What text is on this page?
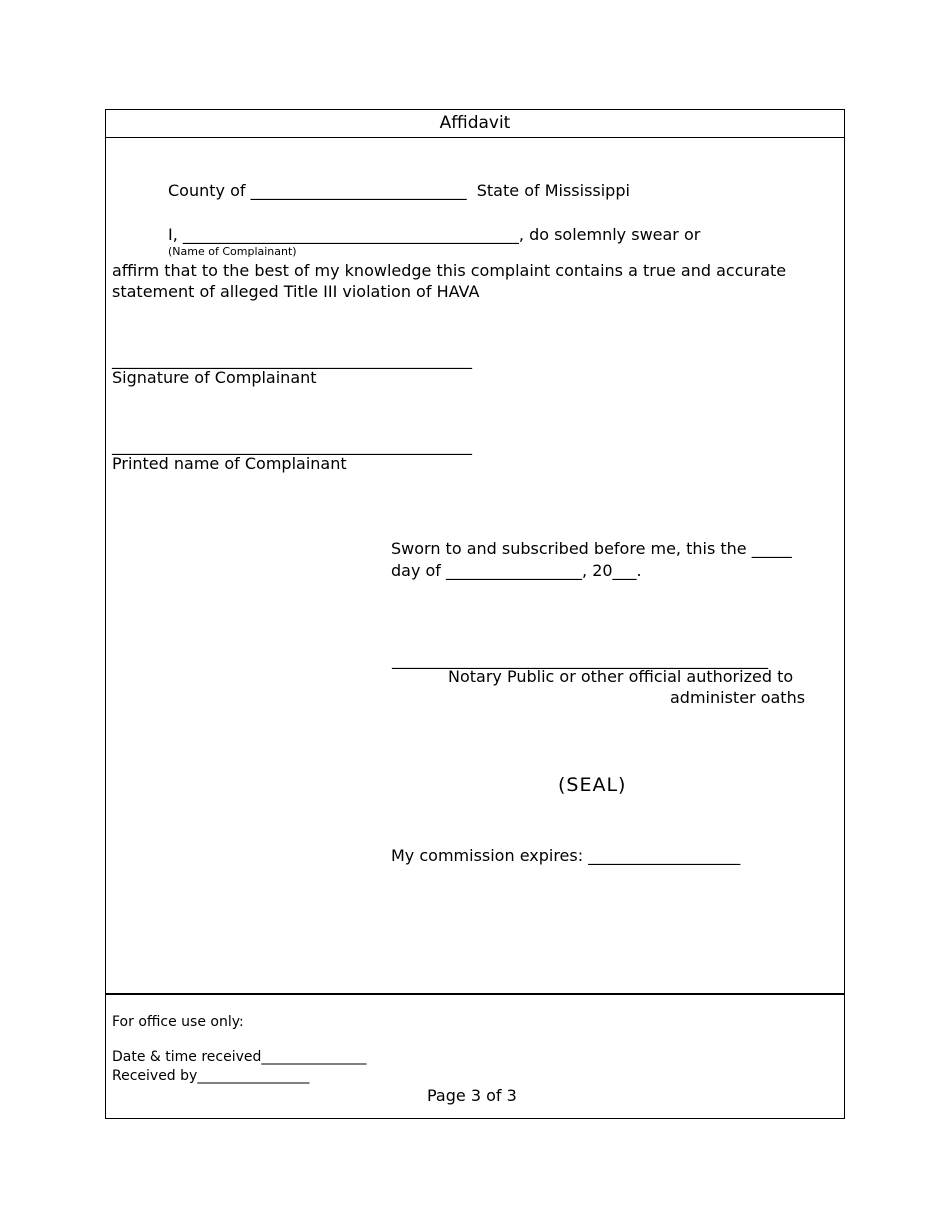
Affidavit
County of ___________________________  State of Mississippi
I, __________________________________________, do solemnly swear or
(Name of Complainant)
affirm that to the best of my knowledge this complaint contains a true and accurate
statement of alleged Title III violation of HAVA
_____________________________________________
Signature of Complainant
_____________________________________________
Printed name of Complainant
Sworn to and subscribed before me, this the _____
day of _________________, 20___.
_______________________________________________
Notary Public or other official authorized to
administer oaths
(SEAL)
My commission expires: ___________________
For office use only:
Date & time received_______________
Received by________________
Page 3 of 3
